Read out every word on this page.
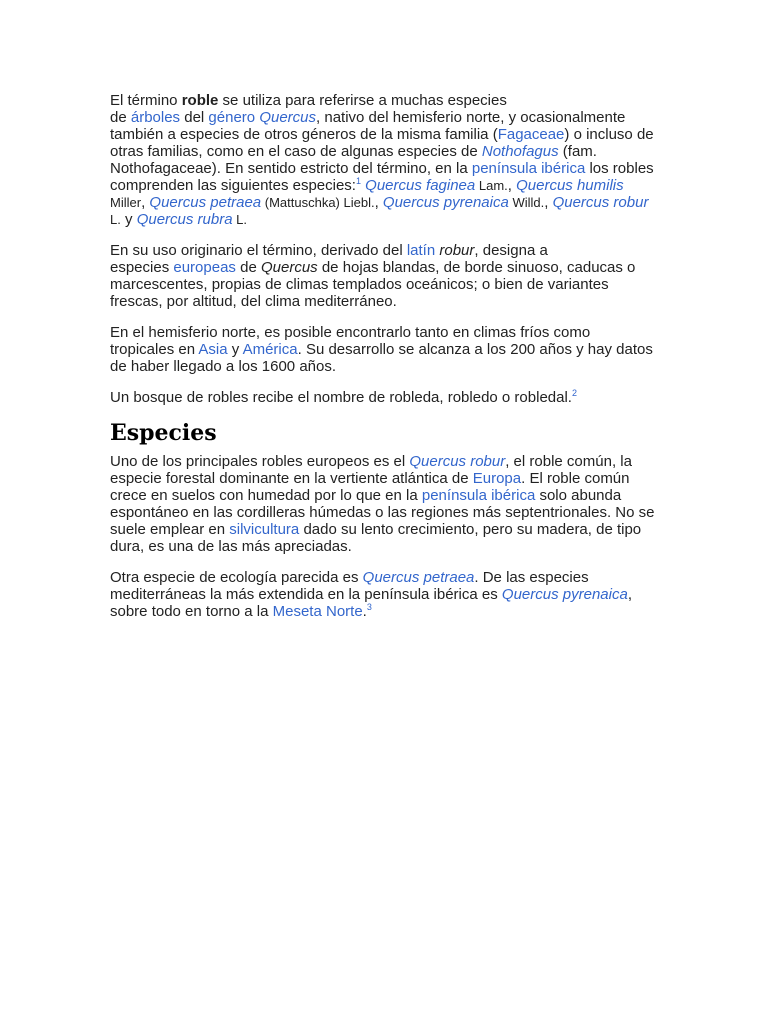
El término roble se utiliza para referirse a muchas especies
de árboles del género Quercus, nativo del hemisferio norte, y ocasionalmente también a especies de otros géneros de la misma familia (Fagaceae) o incluso de otras familias, como en el caso de algunas especies de Nothofagus (fam. Nothofagaceae). En sentido estricto del término, en la península ibérica los robles comprenden las siguientes especies:$^1$ Quercus faginea Lam., Quercus humilis Miller, Quercus petraea (Mattuschka) Liebl., Quercus pyrenaica Willd., Quercus robur L. y Quercus rubra L.

En su uso originario el término, derivado del latín robur, designa a
especies europeas de Quercus de hojas blandas, de borde sinuoso, caducas o marcescentes, propias de climas templados oceánicos; o bien de variantes frescas, por altitud, del clima mediterráneo.

En el hemisferio norte, es posible encontrarlo tanto en climas fríos como tropicales en Asia y América. Su desarrollo se alcanza a los 200 años y hay datos de haber llegado a los 1600 años.

Un bosque de robles recibe el nombre de robleda, robledo o robledal.$^2$

Especies

Uno de los principales robles europeos es el Quercus robur, el roble común, la especie forestal dominante en la vertiente atlántica de Europa. El roble común crece en suelos con humedad por lo que en la península ibérica solo abunda espontáneo en las cordilleras húmedas o las regiones más septentrionales. No se suele emplear en silvicultura dado su lento crecimiento, pero su madera, de tipo dura, es una de las más apreciadas.

Otra especie de ecología parecida es Quercus petraea. De las especies mediterráneas la más extendida en la península ibérica es Quercus pyrenaica, sobre todo en torno a la Meseta Norte.$^3$
